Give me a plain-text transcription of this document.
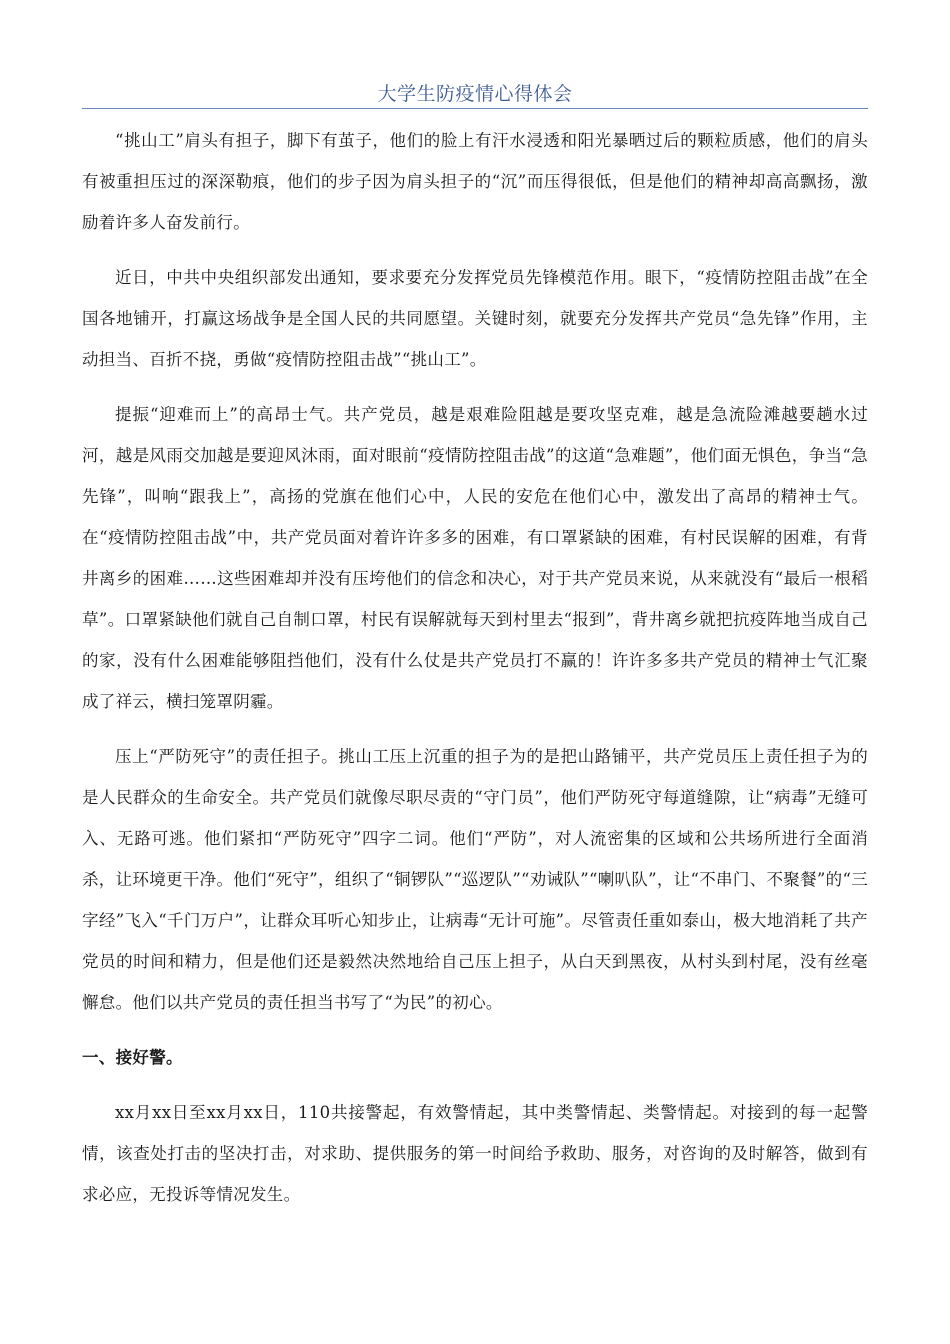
大学生防疫情心得体会

“挑山工”肩头有担子，脚下有茧子，他们的脸上有汗水浸透和阳光暴晒过后的颗粒质感，他们的肩头有被重担压过的深深勒痕，他们的步子因为肩头担子的“沉”而压得很低，但是他们的精神却高高飘扬，激励着许多人奋发前行。

近日，中共中央组织部发出通知，要求要充分发挥党员先锋模范作用。眼下，“疫情防控阻击战”在全国各地铺开，打赢这场战争是全国人民的共同愿望。关键时刻，就要充分发挥共产党员“急先锋”作用，主动担当、百折不挠，勇做“疫情防控阻击战”“挑山工”。

提振“迎难而上”的高昂士气。共产党员，越是艰难险阻越是要攻坚克难，越是急流险滩越要趟水过河，越是风雨交加越是要迎风沐雨，面对眼前“疫情防控阻击战”的这道“急难题”，他们面无惧色，争当“急先锋”，叫响“跟我上”，高扬的党旗在他们心中，人民的安危在他们心中，激发出了高昂的精神士气。在“疫情防控阻击战”中，共产党员面对着许许多多的困难，有口罩紧缺的困难，有村民误解的困难，有背井离乡的困难……这些困难却并没有压垮他们的信念和决心，对于共产党员来说，从来就没有“最后一根稻草”。口罩紧缺他们就自己自制口罩，村民有误解就每天到村里去“报到”，背井离乡就把抗疫阵地当成自己的家，没有什么困难能够阻挡他们，没有什么仗是共产党员打不赢的！许许多多共产党员的精神士气汇聚成了祥云，横扫笼罩阴霾。

压上“严防死守”的责任担子。挑山工压上沉重的担子为的是把山路铺平，共产党员压上责任担子为的是人民群众的生命安全。共产党员们就像尽职尽责的“守门员”，他们严防死守每道缝隙，让“病毒”无缝可入、无路可逃。他们紧扣“严防死守”四字二词。他们“严防”，对人流密集的区域和公共场所进行全面消杀，让环境更干净。他们“死守”，组织了“铜锣队”“巡逻队”“劝诫队”“喇叭队”，让“不串门、不聚餐”的“三字经”飞入“千门万户”，让群众耳听心知步止，让病毒“无计可施”。尽管责任重如泰山，极大地消耗了共产党员的时间和精力，但是他们还是毅然决然地给自己压上担子，从白天到黑夜，从村头到村尾，没有丝毫懈怠。他们以共产党员的责任担当书写了“为民”的初心。

一、接好警。

xx月xx日至xx月xx日，110共接警起，有效警情起，其中类警情起、类警情起。对接到的每一起警情，该查处打击的坚决打击，对求助、提供服务的第一时间给予救助、服务，对咨询的及时解答，做到有求必应，无投诉等情况发生。
